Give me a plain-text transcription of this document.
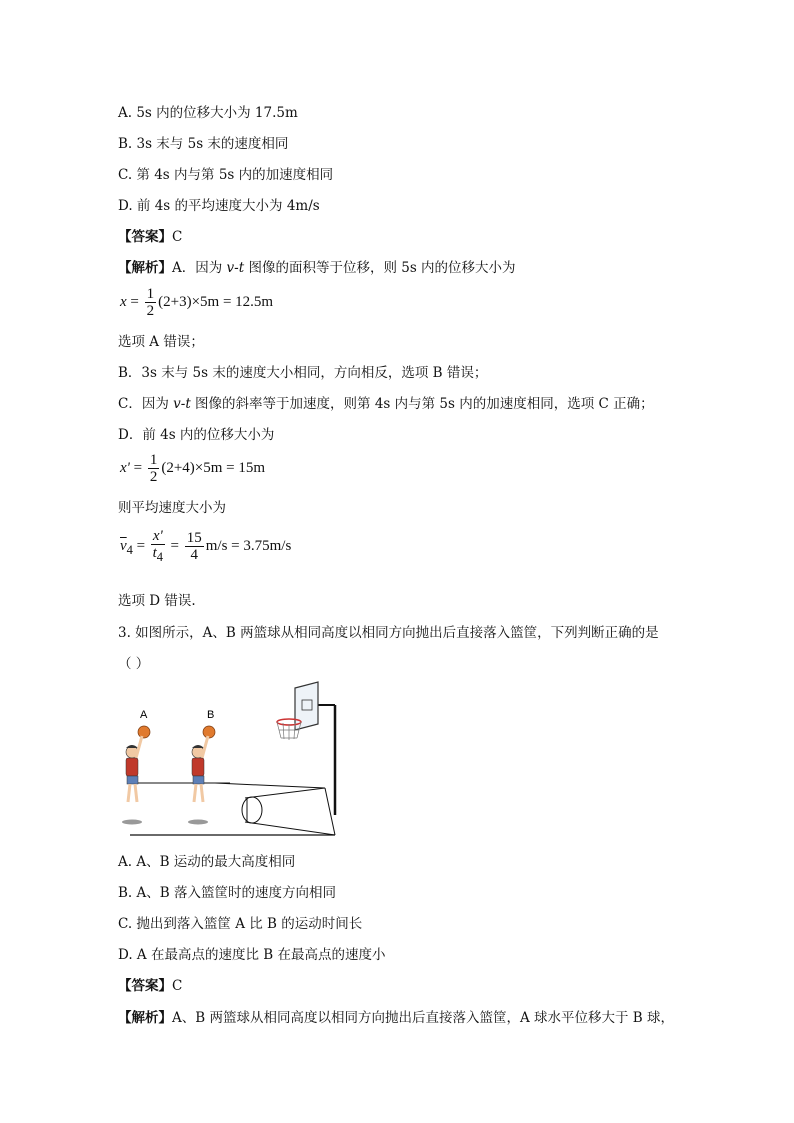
A. 5s 内的位移大小为 17.5m
B. 3s 末与 5s 末的速度相同
C. 第 4s 内与第 5s 内的加速度相同
D. 前 4s 的平均速度大小为 4m/s
【答案】C
【解析】A．因为 v-t 图像的面积等于位移，则 5s 内的位移大小为
$x = \frac{1}{2} (2+3)\times 5m = 12.5m$
选项 A 错误；
B．3s 末与 5s 末的速度大小相同，方向相反，选项 B 错误；
C．因为 v-t 图像的斜率等于加速度，则第 4s 内与第 5s 内的加速度相同，选项 C 正确；
D．前 4s 内的位移大小为
$x' = \frac{1}{2} (2+4)\times 5m = 15m$
则平均速度大小为
$\overline{v}_4 = \frac{x'}{t_4} = \frac{15}{4} m/s = 3.75m/s$
选项 D 错误.
3. 如图所示，A、B 两篮球从相同高度以相同方向抛出后直接落入篮筐，下列判断正确的是
（ ）
A	B
A. A、B 运动的最大高度相同
B. A、B 落入篮筐时的速度方向相同
C. 抛出到落入篮筐 A 比 B 的运动时间长
D. A 在最高点的速度比 B 在最高点的速度小
【答案】C
【解析】A、B 两篮球从相同高度以相同方向抛出后直接落入篮筐，A 球水平位移大于 B 球，
